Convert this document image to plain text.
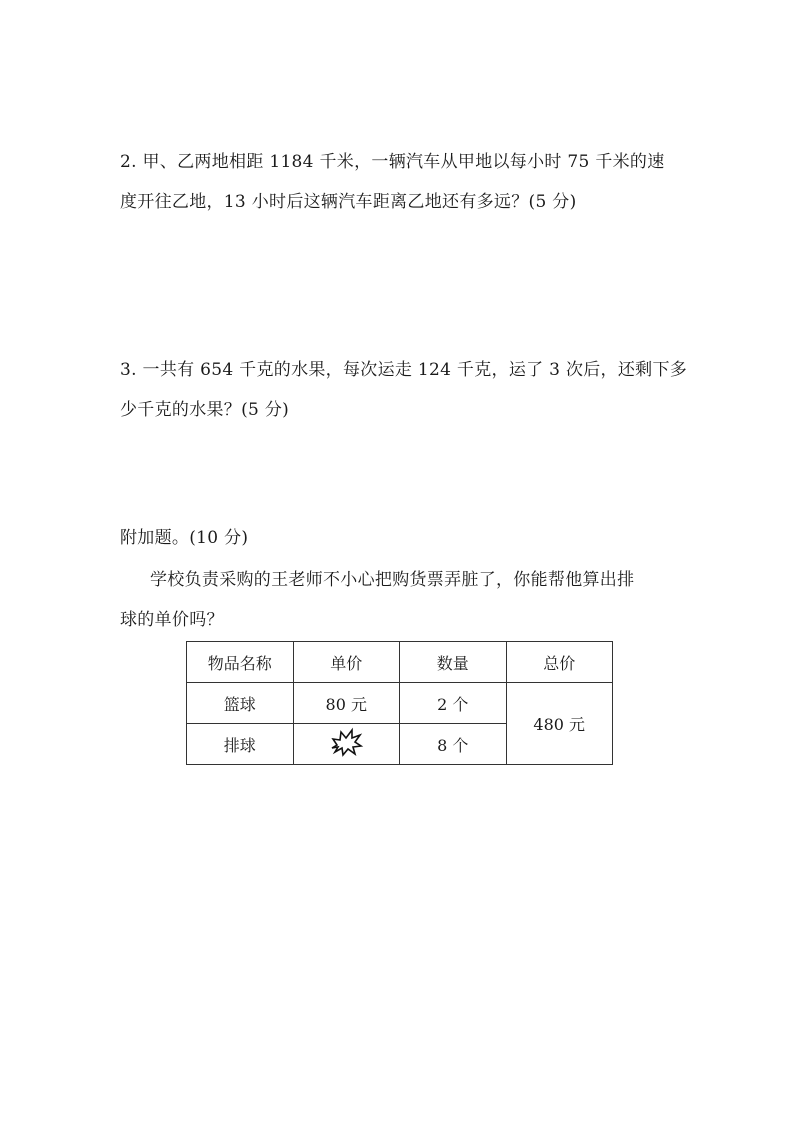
2. 甲、乙两地相距 1184 千米，一辆汽车从甲地以每小时 75 千米的速
度开往乙地，13 小时后这辆汽车距离乙地还有多远？(5 分)
3. 一共有 654 千克的水果，每次运走 124 千克，运了 3 次后，还剩下多
少千克的水果？(5 分)
附加题。(10 分)
学校负责采购的王老师不小心把购货票弄脏了，你能帮他算出排
球的单价吗？
物品名称	单价	数量	总价
篮球	80 元	2 个	480 元
排球		8 个	
